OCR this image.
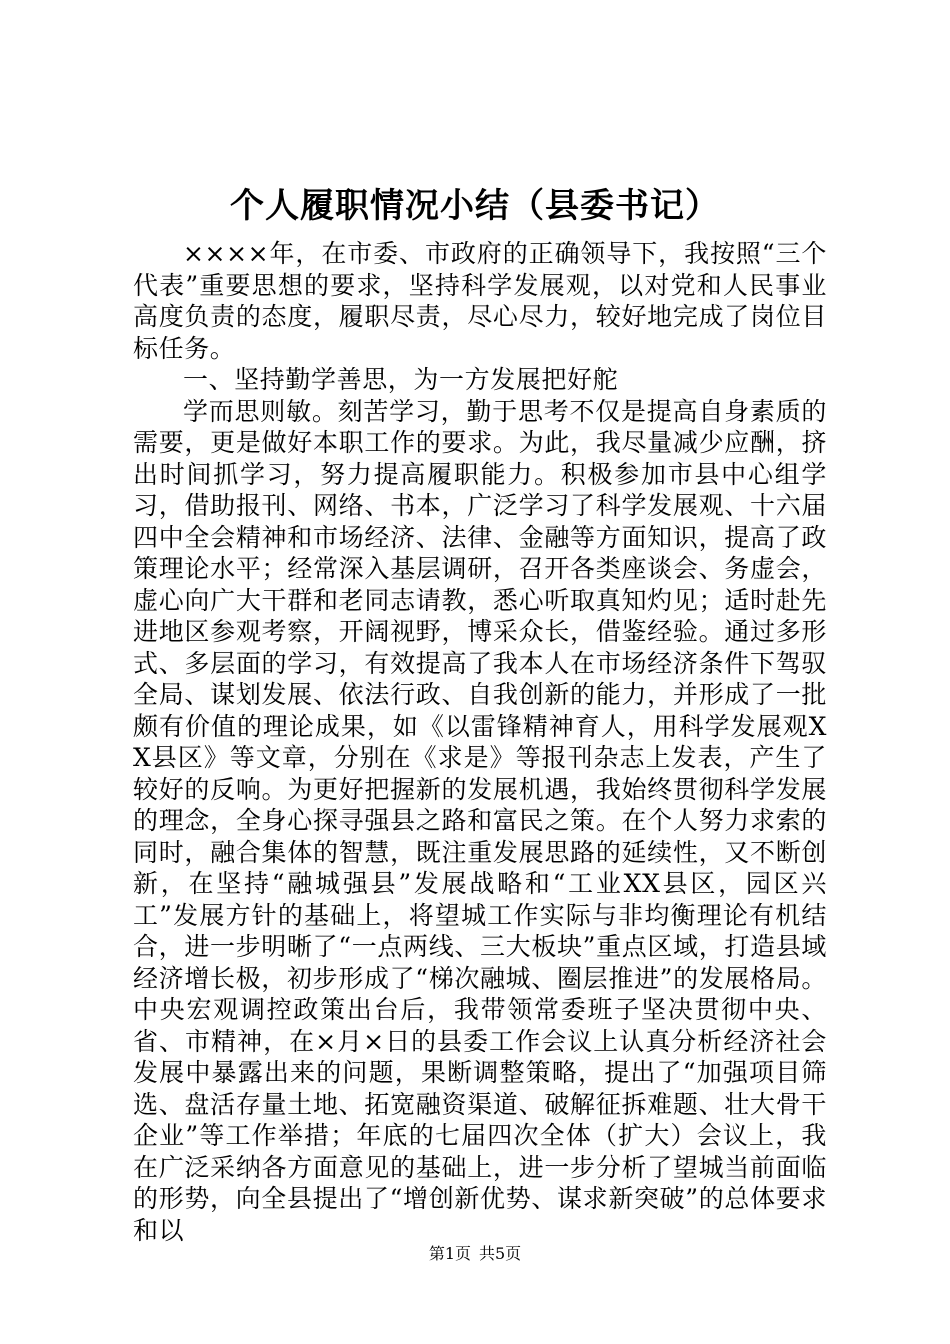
个人履职情况小结（县委书记）

××××年，在市委、市政府的正确领导下，我按照“三个代表”重要思想的要求，坚持科学发展观，以对党和人民事业高度负责的态度，履职尽责，尽心尽力，较好地完成了岗位目标任务。

一、坚持勤学善思，为一方发展把好舵

学而思则敏。刻苦学习，勤于思考不仅是提高自身素质的需要，更是做好本职工作的要求。为此，我尽量减少应酬，挤出时间抓学习，努力提高履职能力。积极参加市县中心组学习，借助报刊、网络、书本，广泛学习了科学发展观、十六届四中全会精神和市场经济、法律、金融等方面知识，提高了政策理论水平；经常深入基层调研，召开各类座谈会、务虚会，虚心向广大干群和老同志请教，悉心听取真知灼见；适时赴先进地区参观考察，开阔视野，博采众长，借鉴经验。通过多形式、多层面的学习，有效提高了我本人在市场经济条件下驾驭全局、谋划发展、依法行政、自我创新的能力，并形成了一批颇有价值的理论成果，如《以雷锋精神育人，用科学发展观XX县区》等文章，分别在《求是》等报刊杂志上发表，产生了较好的反响。为更好把握新的发展机遇，我始终贯彻科学发展的理念，全身心探寻强县之路和富民之策。在个人努力求索的同时，融合集体的智慧，既注重发展思路的延续性，又不断创新，在坚持“融城强县”发展战略和“工业XX县区，园区兴工”发展方针的基础上，将望城工作实际与非均衡理论有机结合，进一步明晰了“一点两线、三大板块”重点区域，打造县域经济增长极，初步形成了“梯次融城、圈层推进”的发展格局。中央宏观调控政策出台后，我带领常委班子坚决贯彻中央、省、市精神，在×月×日的县委工作会议上认真分析经济社会发展中暴露出来的问题，果断调整策略，提出了“加强项目筛选、盘活存量土地、拓宽融资渠道、破解征拆难题、壮大骨干企业”等工作举措；年底的七届四次全体（扩大）会议上，我在广泛采纳各方面意见的基础上，进一步分析了望城当前面临的形势，向全县提出了“增创新优势、谋求新突破”的总体要求和以

第1页 共5页
